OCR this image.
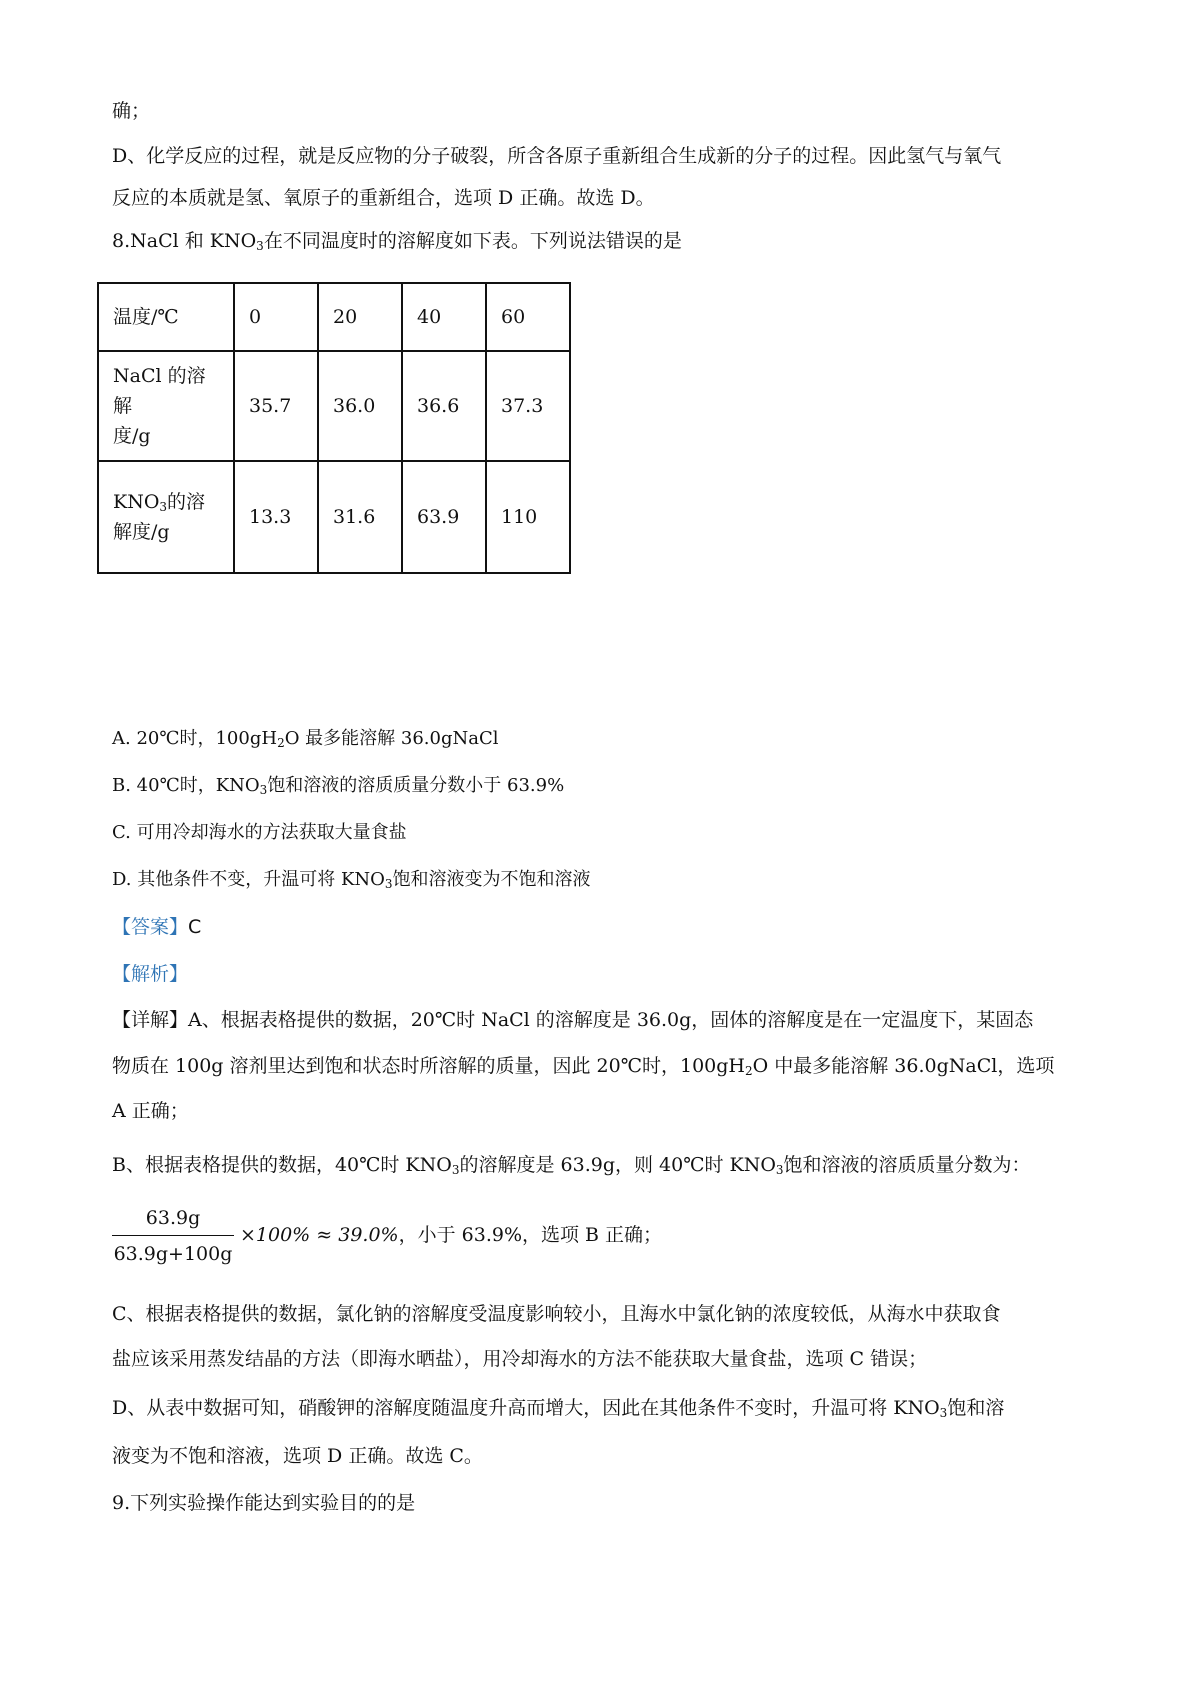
确；
D、化学反应的过程，就是反应物的分子破裂，所含各原子重新组合生成新的分子的过程。因此氢气与氧气
反应的本质就是氢、氧原子的重新组合，选项 D 正确。故选 D。
8.NaCl 和 $KNO_3$在不同温度时的溶解度如下表。下列说法错误的是
温度/℃	0	20	40	60
NaCl 的溶解
度/g	35.7	36.0	36.6	37.3
$KNO_3$的溶
解度/g	13.3	31.6	63.9	110
A. 20℃时，$100gH_2O$ 最多能溶解 36.0gNaCl
B. 40℃时，$KNO_3$饱和溶液的溶质质量分数小于 63.9%
C. 可用冷却海水的方法获取大量食盐
D. 其他条件不变，升温可将 $KNO_3$饱和溶液变为不饱和溶液
【答案】C
【解析】
【详解】A、根据表格提供的数据，20℃时 NaCl 的溶解度是 36.0g，固体的溶解度是在一定温度下，某固态
物质在 100g 溶剂里达到饱和状态时所溶解的质量，因此 20℃时，$100gH_2O$ 中最多能溶解 36.0gNaCl，选项
A 正确；
B、根据表格提供的数据，40℃时 $KNO_3$的溶解度是 63.9g，则 40℃时 $KNO_3$饱和溶液的溶质质量分数为：
63.9g
63.9g+100g
×100% ≈ 39.0%，小于 63.9%，选项 B 正确；
C、根据表格提供的数据，氯化钠的溶解度受温度影响较小，且海水中氯化钠的浓度较低，从海水中获取食
盐应该采用蒸发结晶的方法（即海水晒盐），用冷却海水的方法不能获取大量食盐，选项 C 错误；
D、从表中数据可知，硝酸钾的溶解度随温度升高而增大，因此在其他条件不变时，升温可将 $KNO_3$饱和溶
液变为不饱和溶液，选项 D 正确。故选 C。
9.下列实验操作能达到实验目的的是
